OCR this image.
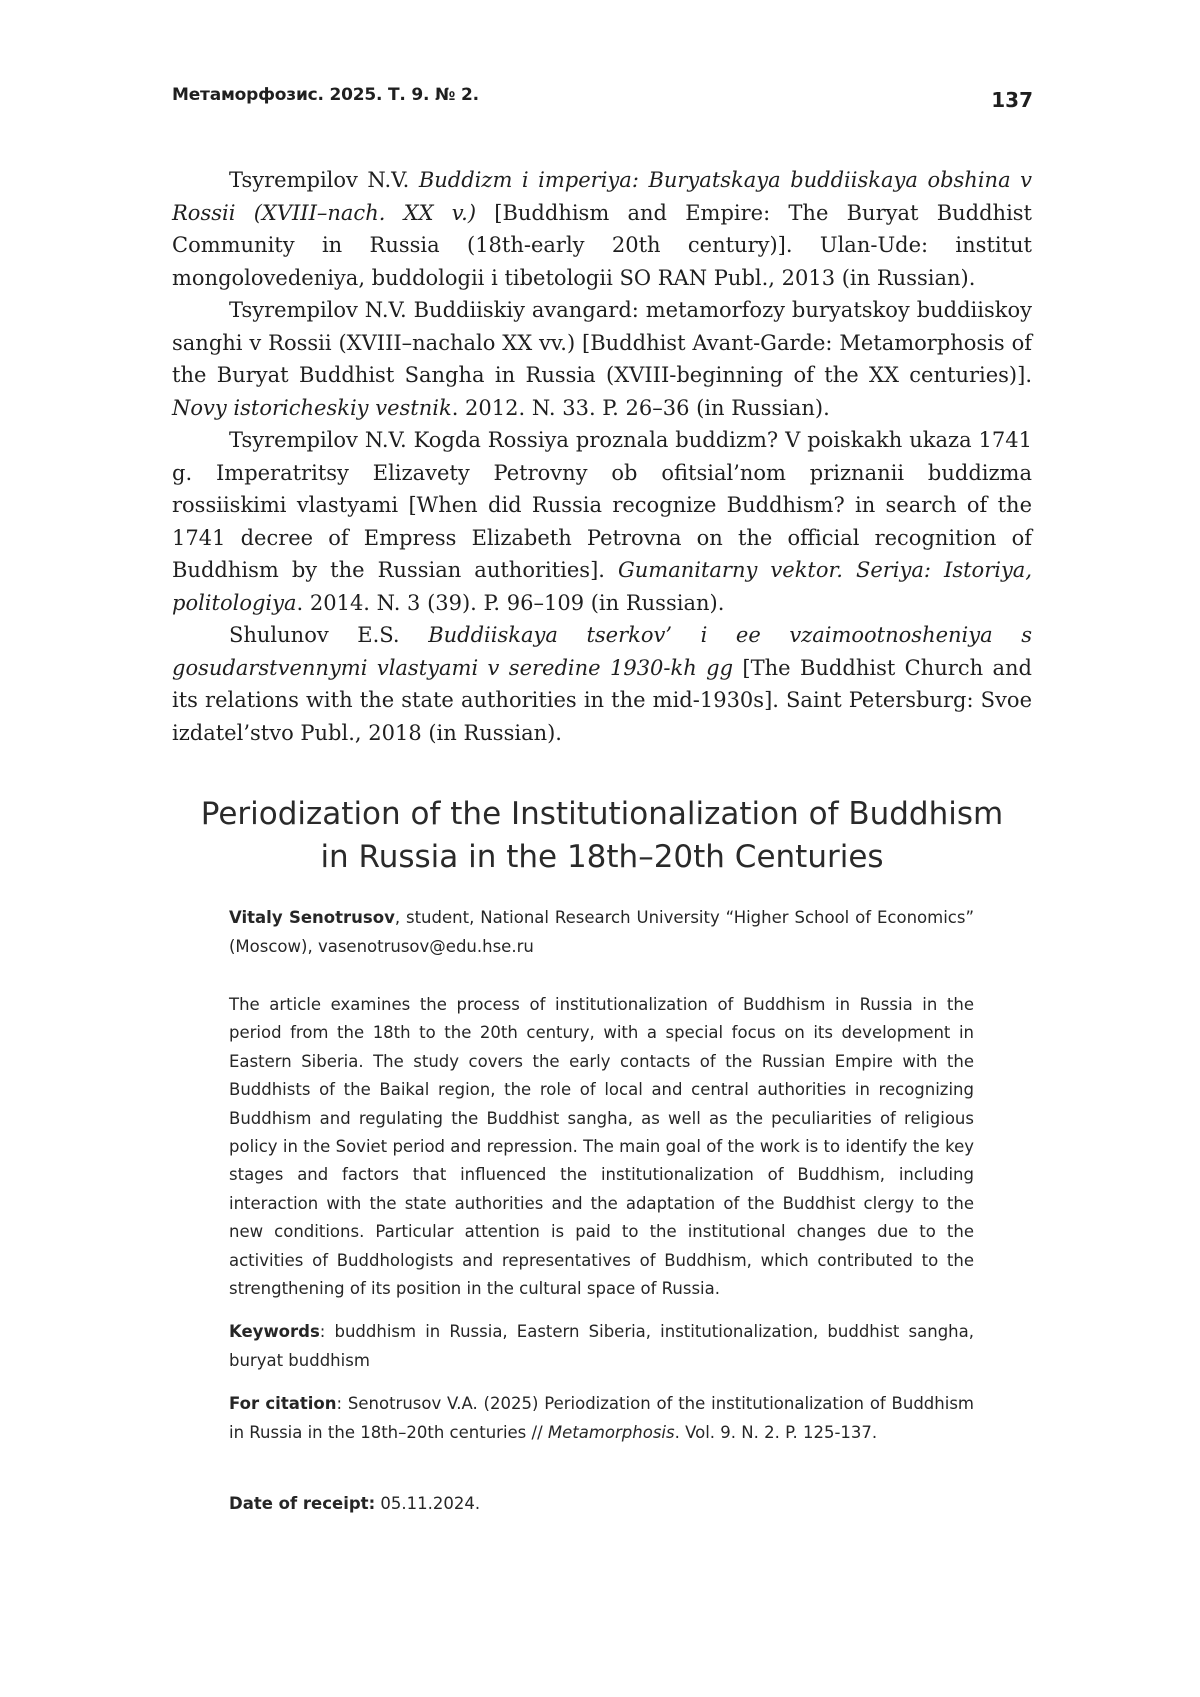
Метаморфозис. 2025. Т. 9. № 2.	137

Tsyrempilov N.V. Buddizm i imperiya: Buryatskaya buddiiskaya obshina v Rossii (XVIII–nach. XX v.) [Buddhism and Empire: The Buryat Buddhist Community in Russia (18th-early 20th century)]. Ulan-Ude: institut mongolovedeniya, buddologii i tibetologii SO RAN Publ., 2013 (in Russian).

Tsyrempilov N.V. Buddiiskiy avangard: metamorfozy buryatskoy buddiiskoy sanghi v Rossii (XVIII–nachalo XX vv.) [Buddhist Avant-Garde: Metamorphosis of the Buryat Buddhist Sangha in Russia (XVIII-beginning of the XX centuries)]. Novy istoricheskiy vestnik. 2012. N. 33. P. 26–36 (in Russian).

Tsyrempilov N.V. Kogda Rossiya proznala buddizm? V poiskakh ukaza 1741 g. Imperatritsy Elizavety Petrovny ob ofitsial’nom priznanii buddizma rossiiskimi vlastyami [When did Russia recognize Buddhism? in search of the 1741 decree of Empress Elizabeth Petrovna on the official recognition of Buddhism by the Russian authorities]. Gumanitarny vektor. Seriya: Istoriya, politologiya. 2014. N. 3 (39). P. 96–109 (in Russian).

Shulunov E.S. Buddiiskaya tserkov’ i ee vzaimootnosheniya s gosudarstvennymi vlastyami v seredine 1930-kh gg [The Buddhist Church and its relations with the state authorities in the mid-1930s]. Saint Petersburg: Svoe izdatel’stvo Publ., 2018 (in Russian).

Periodization of the Institutionalization of Buddhism
in Russia in the 18th–20th Centuries

Vitaly Senotrusov, student, National Research University “Higher School of Economics” (Moscow), vasenotrusov@edu.hse.ru

The article examines the process of institutionalization of Buddhism in Russia in the period from the 18th to the 20th century, with a special focus on its development in Eastern Siberia. The study covers the early contacts of the Russian Empire with the Buddhists of the Baikal region, the role of local and central authorities in recognizing Buddhism and regulating the Buddhist sangha, as well as the peculiarities of religious policy in the Soviet period and repression. The main goal of the work is to identify the key stages and factors that influenced the institutionalization of Buddhism, including interaction with the state authorities and the adaptation of the Buddhist clergy to the new conditions. Particular attention is paid to the institutional changes due to the activities of Buddhologists and representatives of Buddhism, which contributed to the strengthening of its position in the cultural space of Russia.

Keywords: buddhism in Russia, Eastern Siberia, institutionalization, buddhist sangha, buryat buddhism

For citation: Senotrusov V.A. (2025) Periodization of the institutionalization of Buddhism in Russia in the 18th–20th centuries // Metamorphosis. Vol. 9. N. 2. P. 125-137.

Date of receipt: 05.11.2024.
